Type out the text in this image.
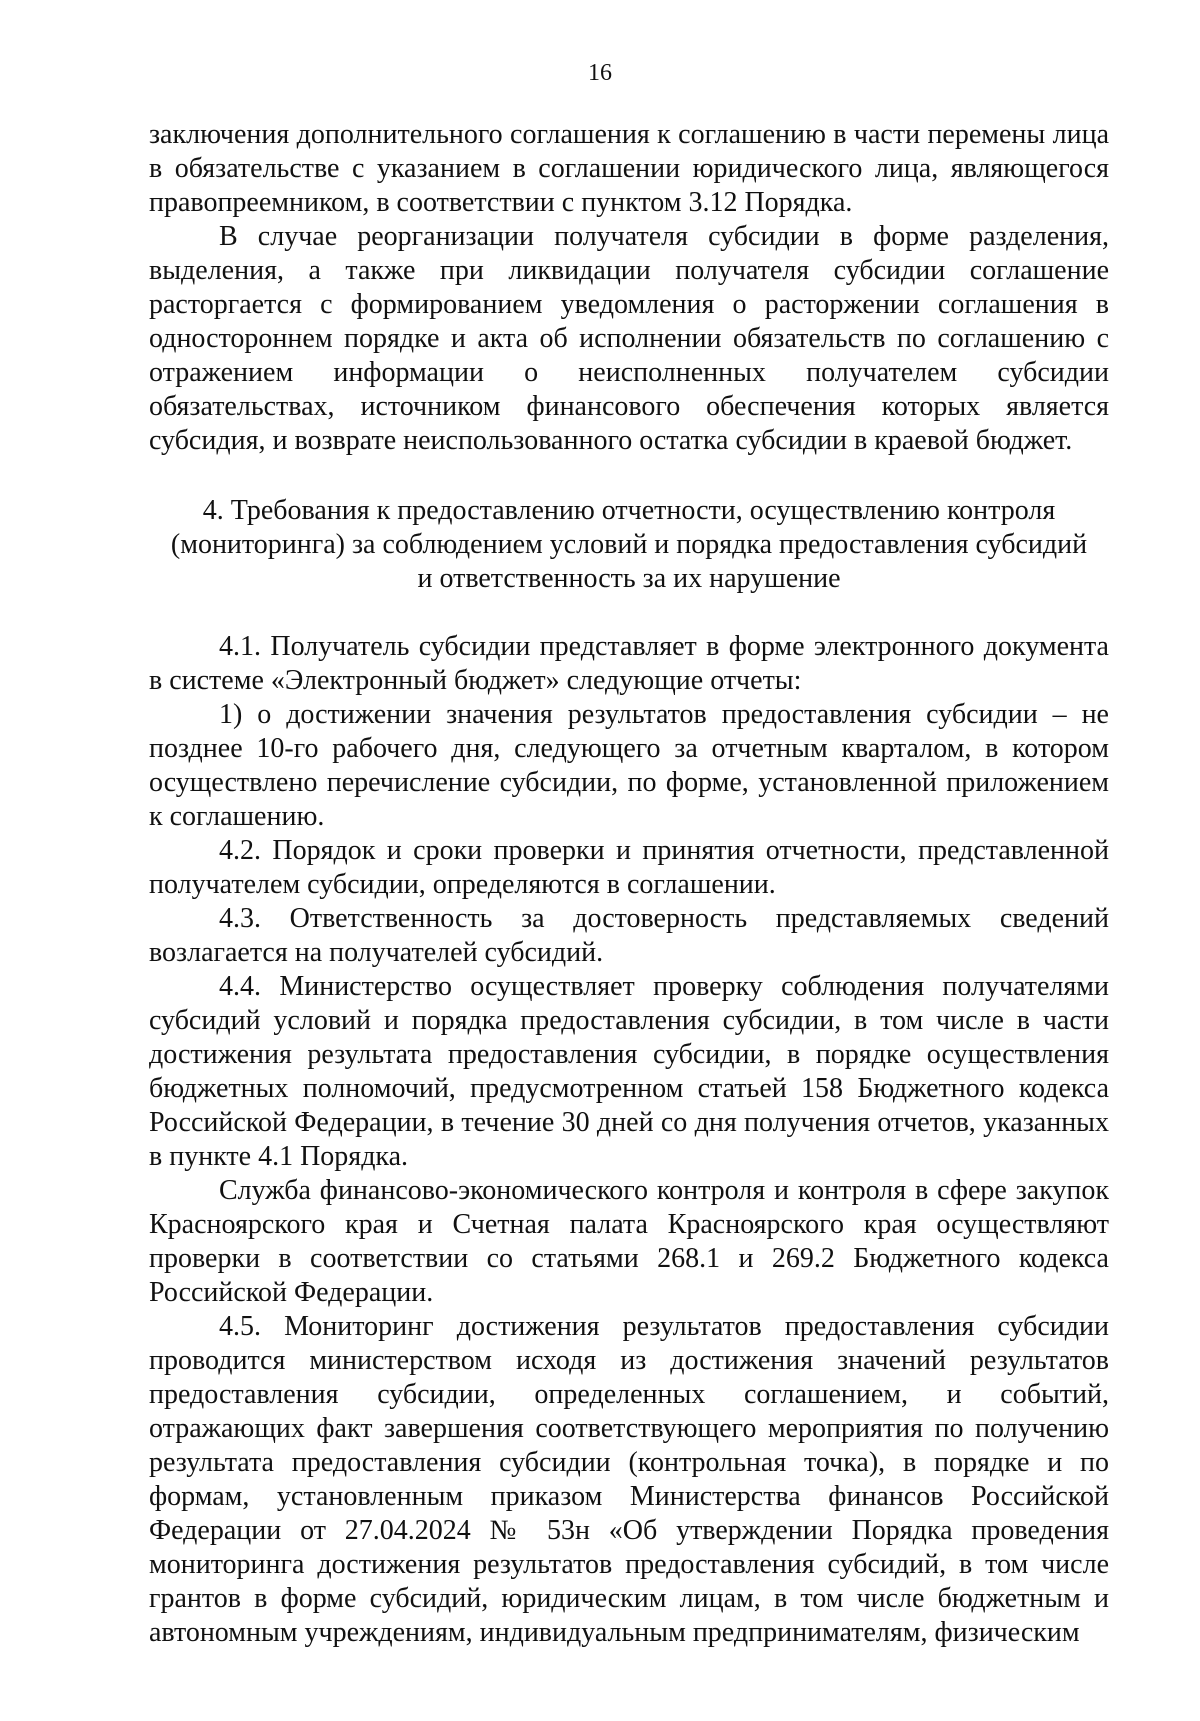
16

заключения дополнительного соглашения к соглашению в части перемены лица в обязательстве с указанием в соглашении юридического лица, являющегося правопреемником, в соответствии с пунктом 3.12 Порядка.

В случае реорганизации получателя субсидии в форме разделения, выделения, а также при ликвидации получателя субсидии соглашение расторгается с формированием уведомления о расторжении соглашения в одностороннем порядке и акта об исполнении обязательств по соглашению с отражением информации о неисполненных получателем субсидии обязательствах, источником финансового обеспечения которых является субсидия, и возврате неиспользованного остатка субсидии в краевой бюджет.

4. Требования к предоставлению отчетности, осуществлению контроля
(мониторинга) за соблюдением условий и порядка предоставления субсидий
и ответственность за их нарушение

4.1. Получатель субсидии представляет в форме электронного документа в системе «Электронный бюджет» следующие отчеты:

1) о достижении значения результатов предоставления субсидии – не позднее 10-го рабочего дня, следующего за отчетным кварталом, в котором осуществлено перечисление субсидии, по форме, установленной приложением к соглашению.

4.2. Порядок и сроки проверки и принятия отчетности, представленной получателем субсидии, определяются в соглашении.

4.3. Ответственность за достоверность представляемых сведений возлагается на получателей субсидий.

4.4. Министерство осуществляет проверку соблюдения получателями субсидий условий и порядка предоставления субсидии, в том числе в части достижения результата предоставления субсидии, в порядке осуществления бюджетных полномочий, предусмотренном статьей 158 Бюджетного кодекса Российской Федерации, в течение 30 дней со дня получения отчетов, указанных в пункте 4.1 Порядка.

Служба финансово-экономического контроля и контроля в сфере закупок Красноярского края и Счетная палата Красноярского края осуществляют проверки в соответствии со статьями 268.1 и 269.2 Бюджетного кодекса Российской Федерации.

4.5. Мониторинг достижения результатов предоставления субсидии проводится министерством исходя из достижения значений результатов предоставления субсидии, определенных соглашением, и событий, отражающих факт завершения соответствующего мероприятия по получению результата предоставления субсидии (контрольная точка), в порядке и по формам, установленным приказом Министерства финансов Российской Федерации от 27.04.2024 № 53н «Об утверждении Порядка проведения мониторинга достижения результатов предоставления субсидий, в том числе грантов в форме субсидий, юридическим лицам, в том числе бюджетным и автономным учреждениям, индивидуальным предпринимателям, физическим
